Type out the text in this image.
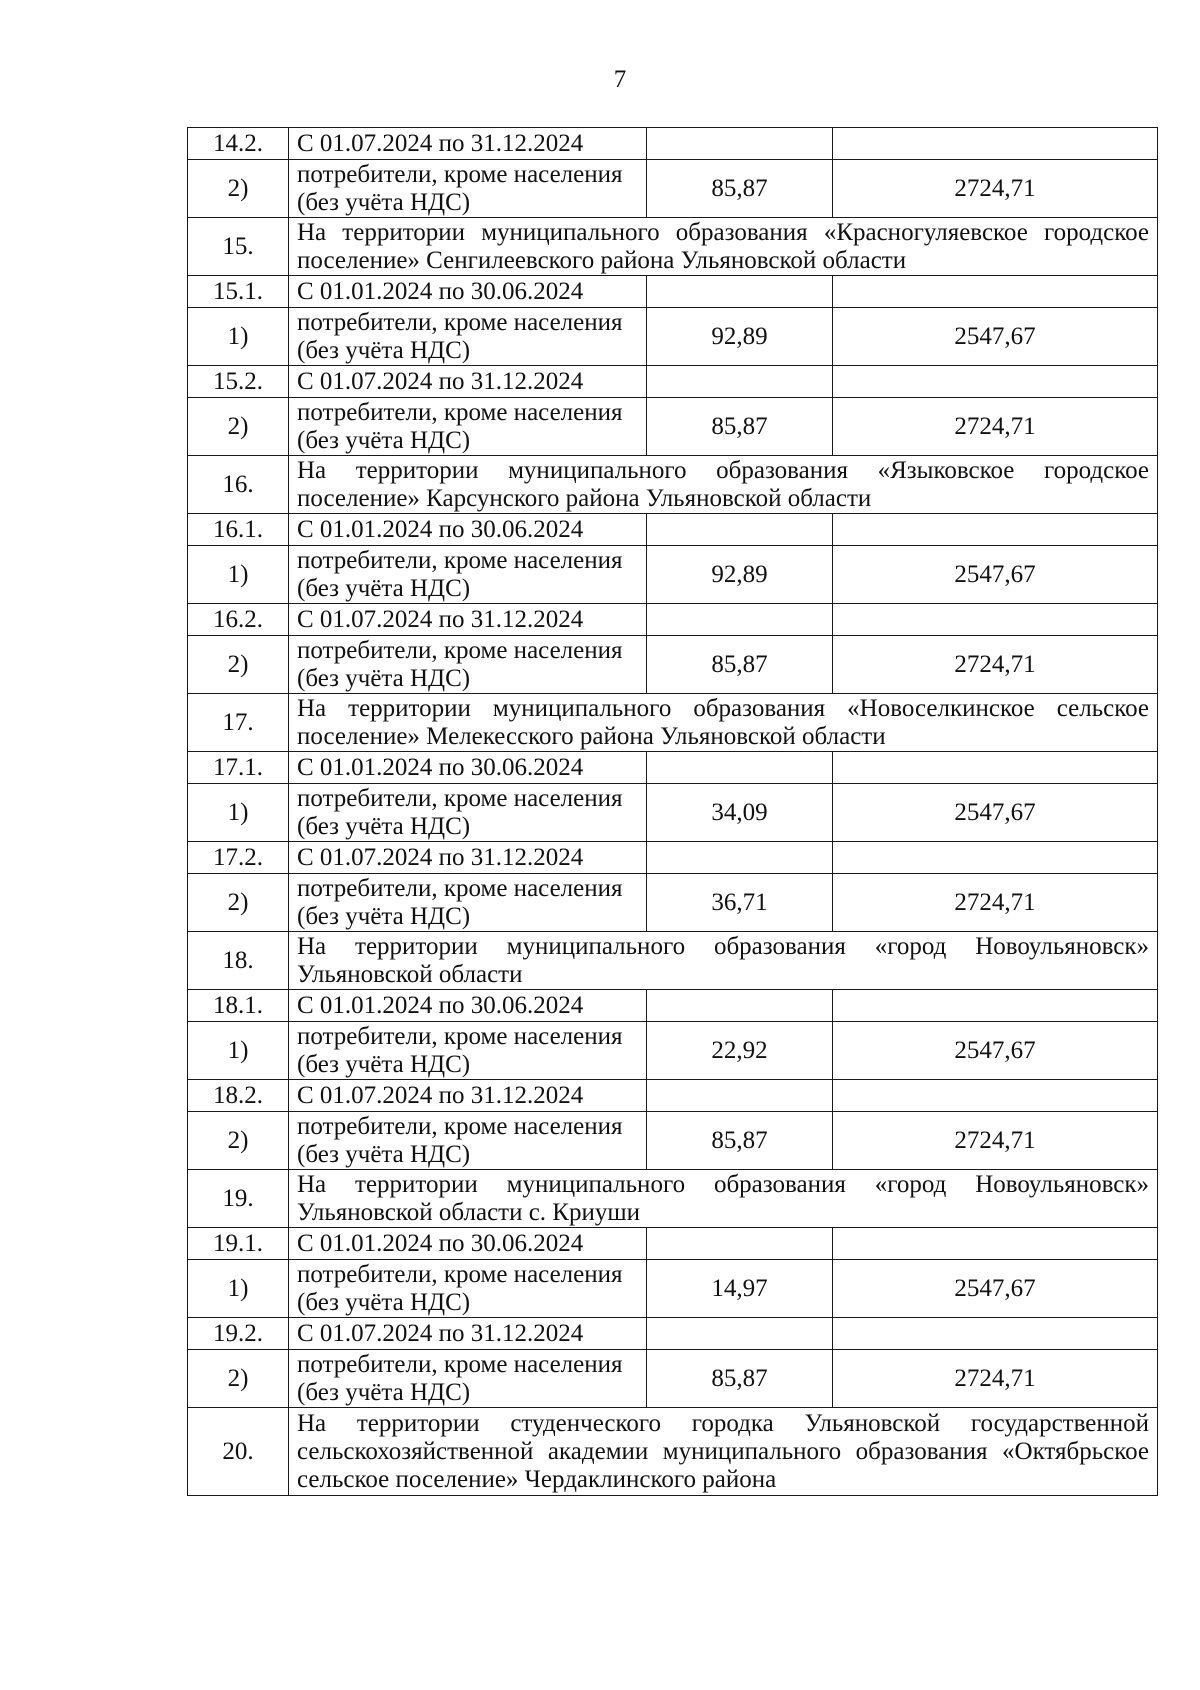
7
14.2.	С 01.07.2024 по 31.12.2024		
2)	потребители, кроме населения (без учёта НДС)	85,87	2724,71
15.	На территории муниципального образования «Красногуляевское городское поселение» Сенгилеевского района Ульяновской области		
15.1.	С 01.01.2024 по 30.06.2024		
1)	потребители, кроме населения (без учёта НДС)	92,89	2547,67
15.2.	С 01.07.2024 по 31.12.2024		
2)	потребители, кроме населения (без учёта НДС)	85,87	2724,71
16.	На территории муниципального образования «Языковское городское поселение» Карсунского района Ульяновской области		
16.1.	С 01.01.2024 по 30.06.2024		
1)	потребители, кроме населения (без учёта НДС)	92,89	2547,67
16.2.	С 01.07.2024 по 31.12.2024		
2)	потребители, кроме населения (без учёта НДС)	85,87	2724,71
17.	На территории муниципального образования «Новоселкинское сельское поселение» Мелекесского района Ульяновской области		
17.1.	С 01.01.2024 по 30.06.2024		
1)	потребители, кроме населения (без учёта НДС)	34,09	2547,67
17.2.	С 01.07.2024 по 31.12.2024		
2)	потребители, кроме населения (без учёта НДС)	36,71	2724,71
18.	На территории муниципального образования «город Новоульяновск» Ульяновской области		
18.1.	С 01.01.2024 по 30.06.2024		
1)	потребители, кроме населения (без учёта НДС)	22,92	2547,67
18.2.	С 01.07.2024 по 31.12.2024		
2)	потребители, кроме населения (без учёта НДС)	85,87	2724,71
19.	На территории муниципального образования «город Новоульяновск» Ульяновской области с. Криуши		
19.1.	С 01.01.2024 по 30.06.2024		
1)	потребители, кроме населения (без учёта НДС)	14,97	2547,67
19.2.	С 01.07.2024 по 31.12.2024		
2)	потребители, кроме населения (без учёта НДС)	85,87	2724,71
20.	На территории студенческого городка Ульяновской государственной сельскохозяйственной академии муниципального образования «Октябрьское сельское поселение» Чердаклинского района		
